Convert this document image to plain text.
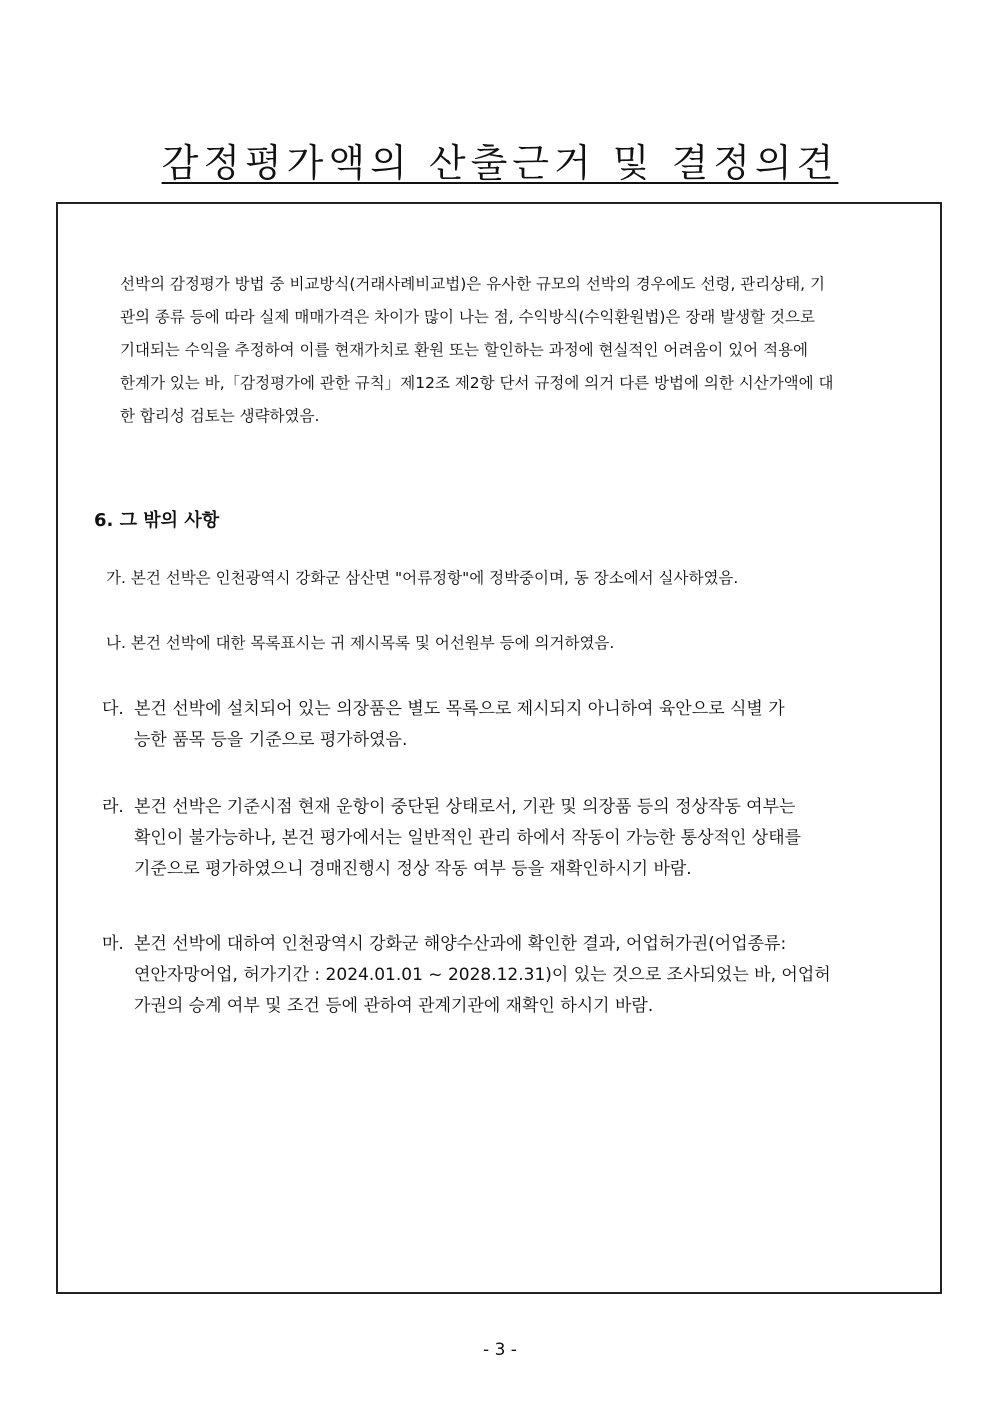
감정평가액의 산출근거 및 결정의견

선박의 감정평가 방법 중 비교방식(거래사례비교법)은 유사한 규모의 선박의 경우에도 선령, 관리상태, 기
관의 종류 등에 따라 실제 매매가격은 차이가 많이 나는 점, 수익방식(수익환원법)은 장래 발생할 것으로
기대되는 수익을 추정하여 이를 현재가치로 환원 또는 할인하는 과정에 현실적인 어려움이 있어 적용에
한계가 있는 바,「감정평가에 관한 규칙」제12조 제2항 단서 규정에 의거 다른 방법에 의한 시산가액에 대
한 합리성 검토는 생략하였음.

6. 그 밖의 사항

가. 본건 선박은 인천광역시 강화군 삼산면 "어류정항"에 정박중이며, 동 장소에서 실사하였음.

나. 본건 선박에 대한 목록표시는 귀 제시목록 및 어선원부 등에 의거하였음.

다. 본건 선박에 설치되어 있는 의장품은 별도 목록으로 제시되지 아니하여 육안으로 식별 가
능한 품목 등을 기준으로 평가하였음.
라. 본건 선박은 기준시점 현재 운항이 중단된 상태로서, 기관 및 의장품 등의 정상작동 여부는
확인이 불가능하나, 본건 평가에서는 일반적인 관리 하에서 작동이 가능한 통상적인 상태를
기준으로 평가하였으니 경매진행시 정상 작동 여부 등을 재확인하시기 바람.
마. 본건 선박에 대하여 인천광역시 강화군 해양수산과에 확인한 결과, 어업허가권(어업종류:
연안자망어업, 허가기간 : 2024.01.01 ~ 2028.12.31)이 있는 것으로 조사되었는 바, 어업허
가권의 승계 여부 및 조건 등에 관하여 관계기관에 재확인 하시기 바람.

- 3 -
